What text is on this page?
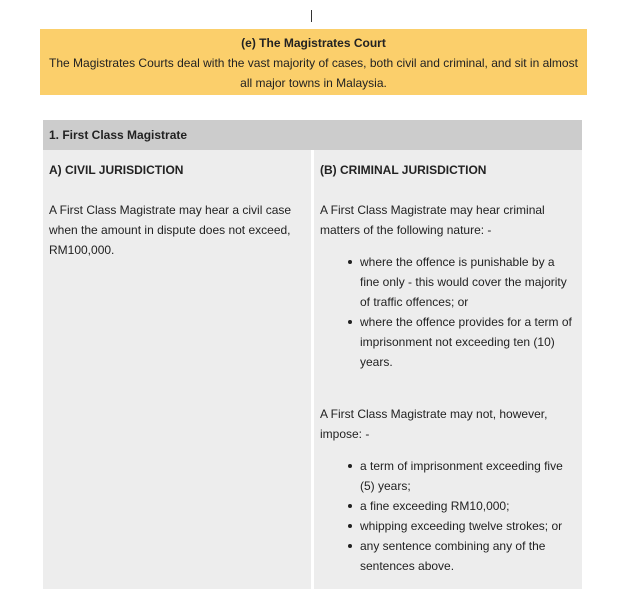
(e) The Magistrates Court
The Magistrates Courts deal with the vast majority of cases, both civil and criminal, and sit in almost all major towns in Malaysia.
1. First Class Magistrate
A) CIVIL JURISDICTION

A First Class Magistrate may hear a civil case when the amount in dispute does not exceed, RM100,000.

(B) CRIMINAL JURISDICTION

A First Class Magistrate may hear criminal matters of the following nature: -

where the offence is punishable by a fine only - this would cover the majority of traffic offences; or
where the offence provides for a term of imprisonment not exceeding ten (10) years.

A First Class Magistrate may not, however, impose: -

a term of imprisonment exceeding five (5) years;
a fine exceeding RM10,000;
whipping exceeding twelve strokes; or
any sentence combining any of the sentences above.
